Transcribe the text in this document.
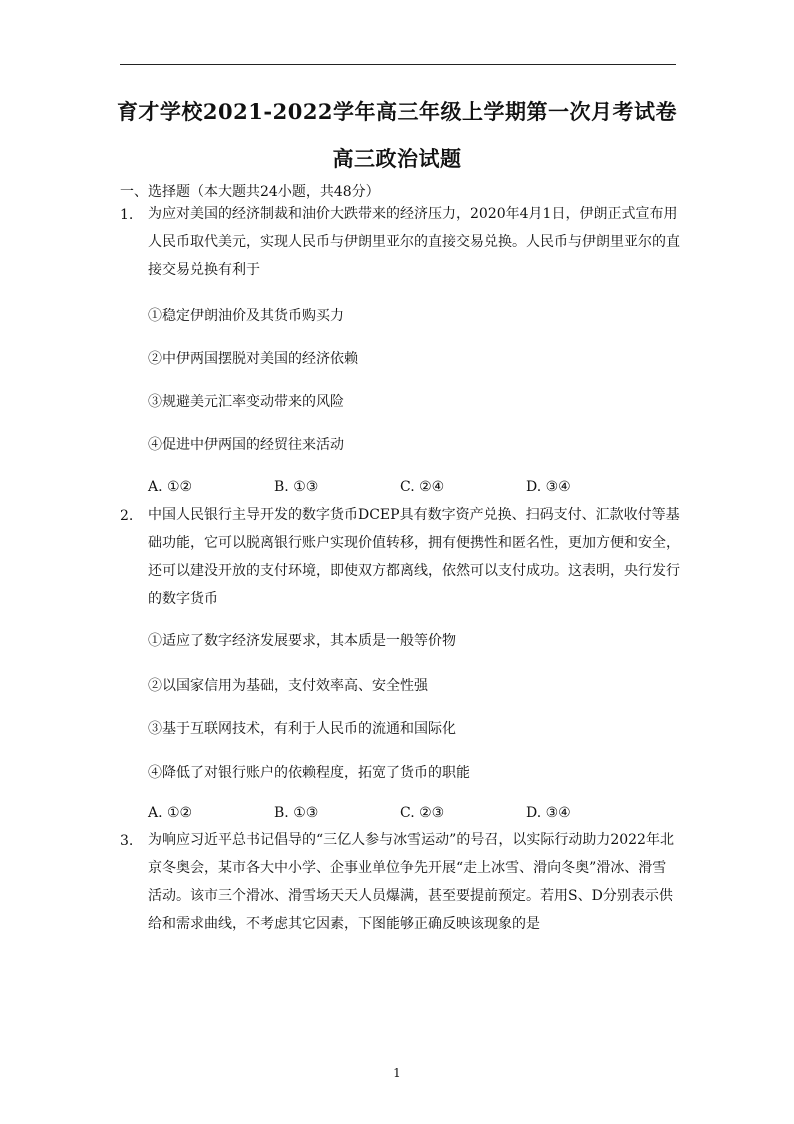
育才学校2021-2022学年高三年级上学期第一次月考试卷
高三政治试题
一、选择题（本大题共24小题，共48分）
1.	为应对美国的经济制裁和油价大跌带来的经济压力，2020年4月1日，伊朗正式宣布用人民币取代美元，实现人民币与伊朗里亚尔的直接交易兑换。人民币与伊朗里亚尔的直接交易兑换有利于
①稳定伊朗油价及其货币购买力
②中伊两国摆脱对美国的经济依赖
③规避美元汇率变动带来的风险
④促进中伊两国的经贸往来活动
A. ①②	B. ①③	C. ②④	D. ③④
2.	中国人民银行主导开发的数字货币DCEP具有数字资产兑换、扫码支付、汇款收付等基础功能，它可以脱离银行账户实现价值转移，拥有便携性和匿名性，更加方便和安全，还可以建没开放的支付环境，即使双方都离线，依然可以支付成功。这表明，央行发行的数字货币
①适应了数字经济发展要求，其本质是一般等价物
②以国家信用为基础，支付效率高、安全性强
③基于互联网技术，有利于人民币的流通和国际化
④降低了对银行账户的依赖程度，拓宽了货币的职能
A. ①②	B. ①③	C. ②③	D. ③④
3.	为响应习近平总书记倡导的“三亿人参与冰雪运动”的号召，以实际行动助力2022年北京冬奥会，某市各大中小学、企事业单位争先开展“走上冰雪、滑向冬奥”滑冰、滑雪活动。该市三个滑冰、滑雪场天天人员爆满，甚至要提前预定。若用S、D分别表示供给和需求曲线，不考虑其它因素，下图能够正确反映该现象的是
1
